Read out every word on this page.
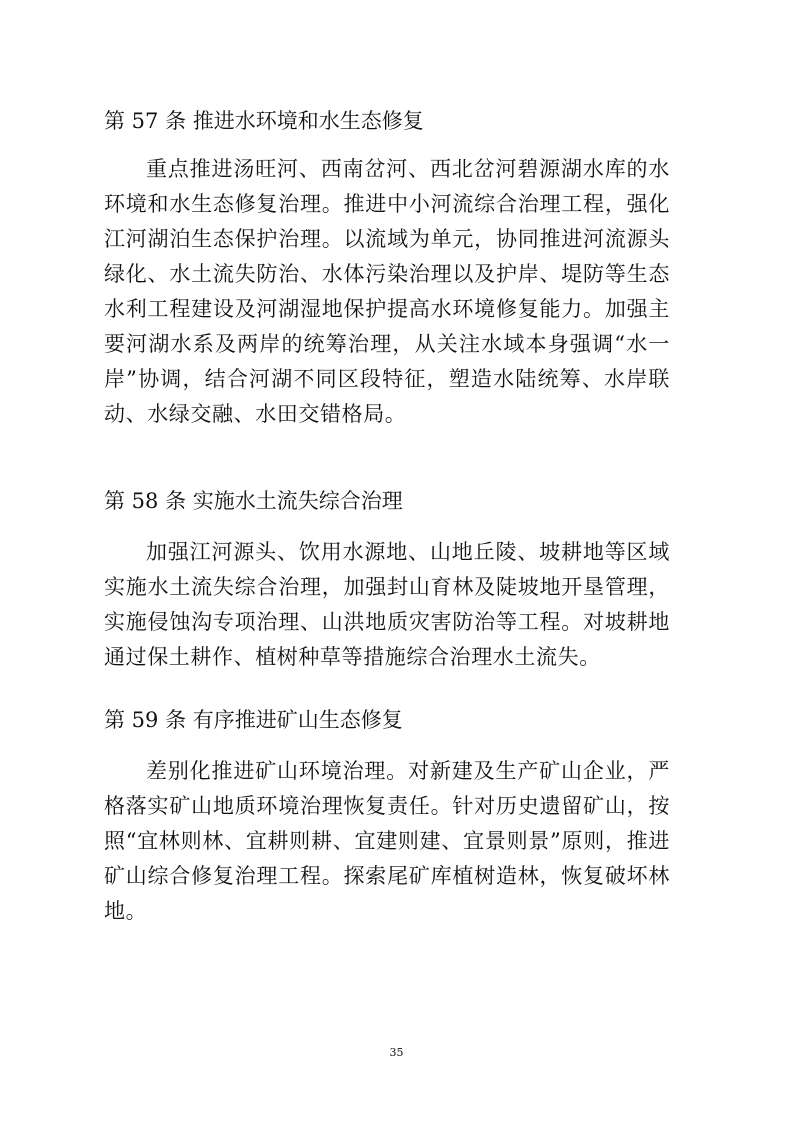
第 57 条 推进水环境和水生态修复

重点推进汤旺河、西南岔河、西北岔河碧源湖水库的水环境和水生态修复治理。推进中小河流综合治理工程，强化江河湖泊生态保护治理。以流域为单元，协同推进河流源头绿化、水土流失防治、水体污染治理以及护岸、堤防等生态水利工程建设及河湖湿地保护提高水环境修复能力。加强主要河湖水系及两岸的统筹治理，从关注水域本身强调“水一岸”协调，结合河湖不同区段特征，塑造水陆统筹、水岸联动、水绿交融、水田交错格局。

第 58 条 实施水土流失综合治理

加强江河源头、饮用水源地、山地丘陵、坡耕地等区域实施水土流失综合治理，加强封山育林及陡坡地开垦管理，实施侵蚀沟专项治理、山洪地质灾害防治等工程。对坡耕地通过保土耕作、植树种草等措施综合治理水土流失。

第 59 条 有序推进矿山生态修复

差别化推进矿山环境治理。对新建及生产矿山企业，严格落实矿山地质环境治理恢复责任。针对历史遗留矿山，按照“宜林则林、宜耕则耕、宜建则建、宜景则景”原则，推进矿山综合修复治理工程。探索尾矿库植树造林，恢复破坏林地。

35
